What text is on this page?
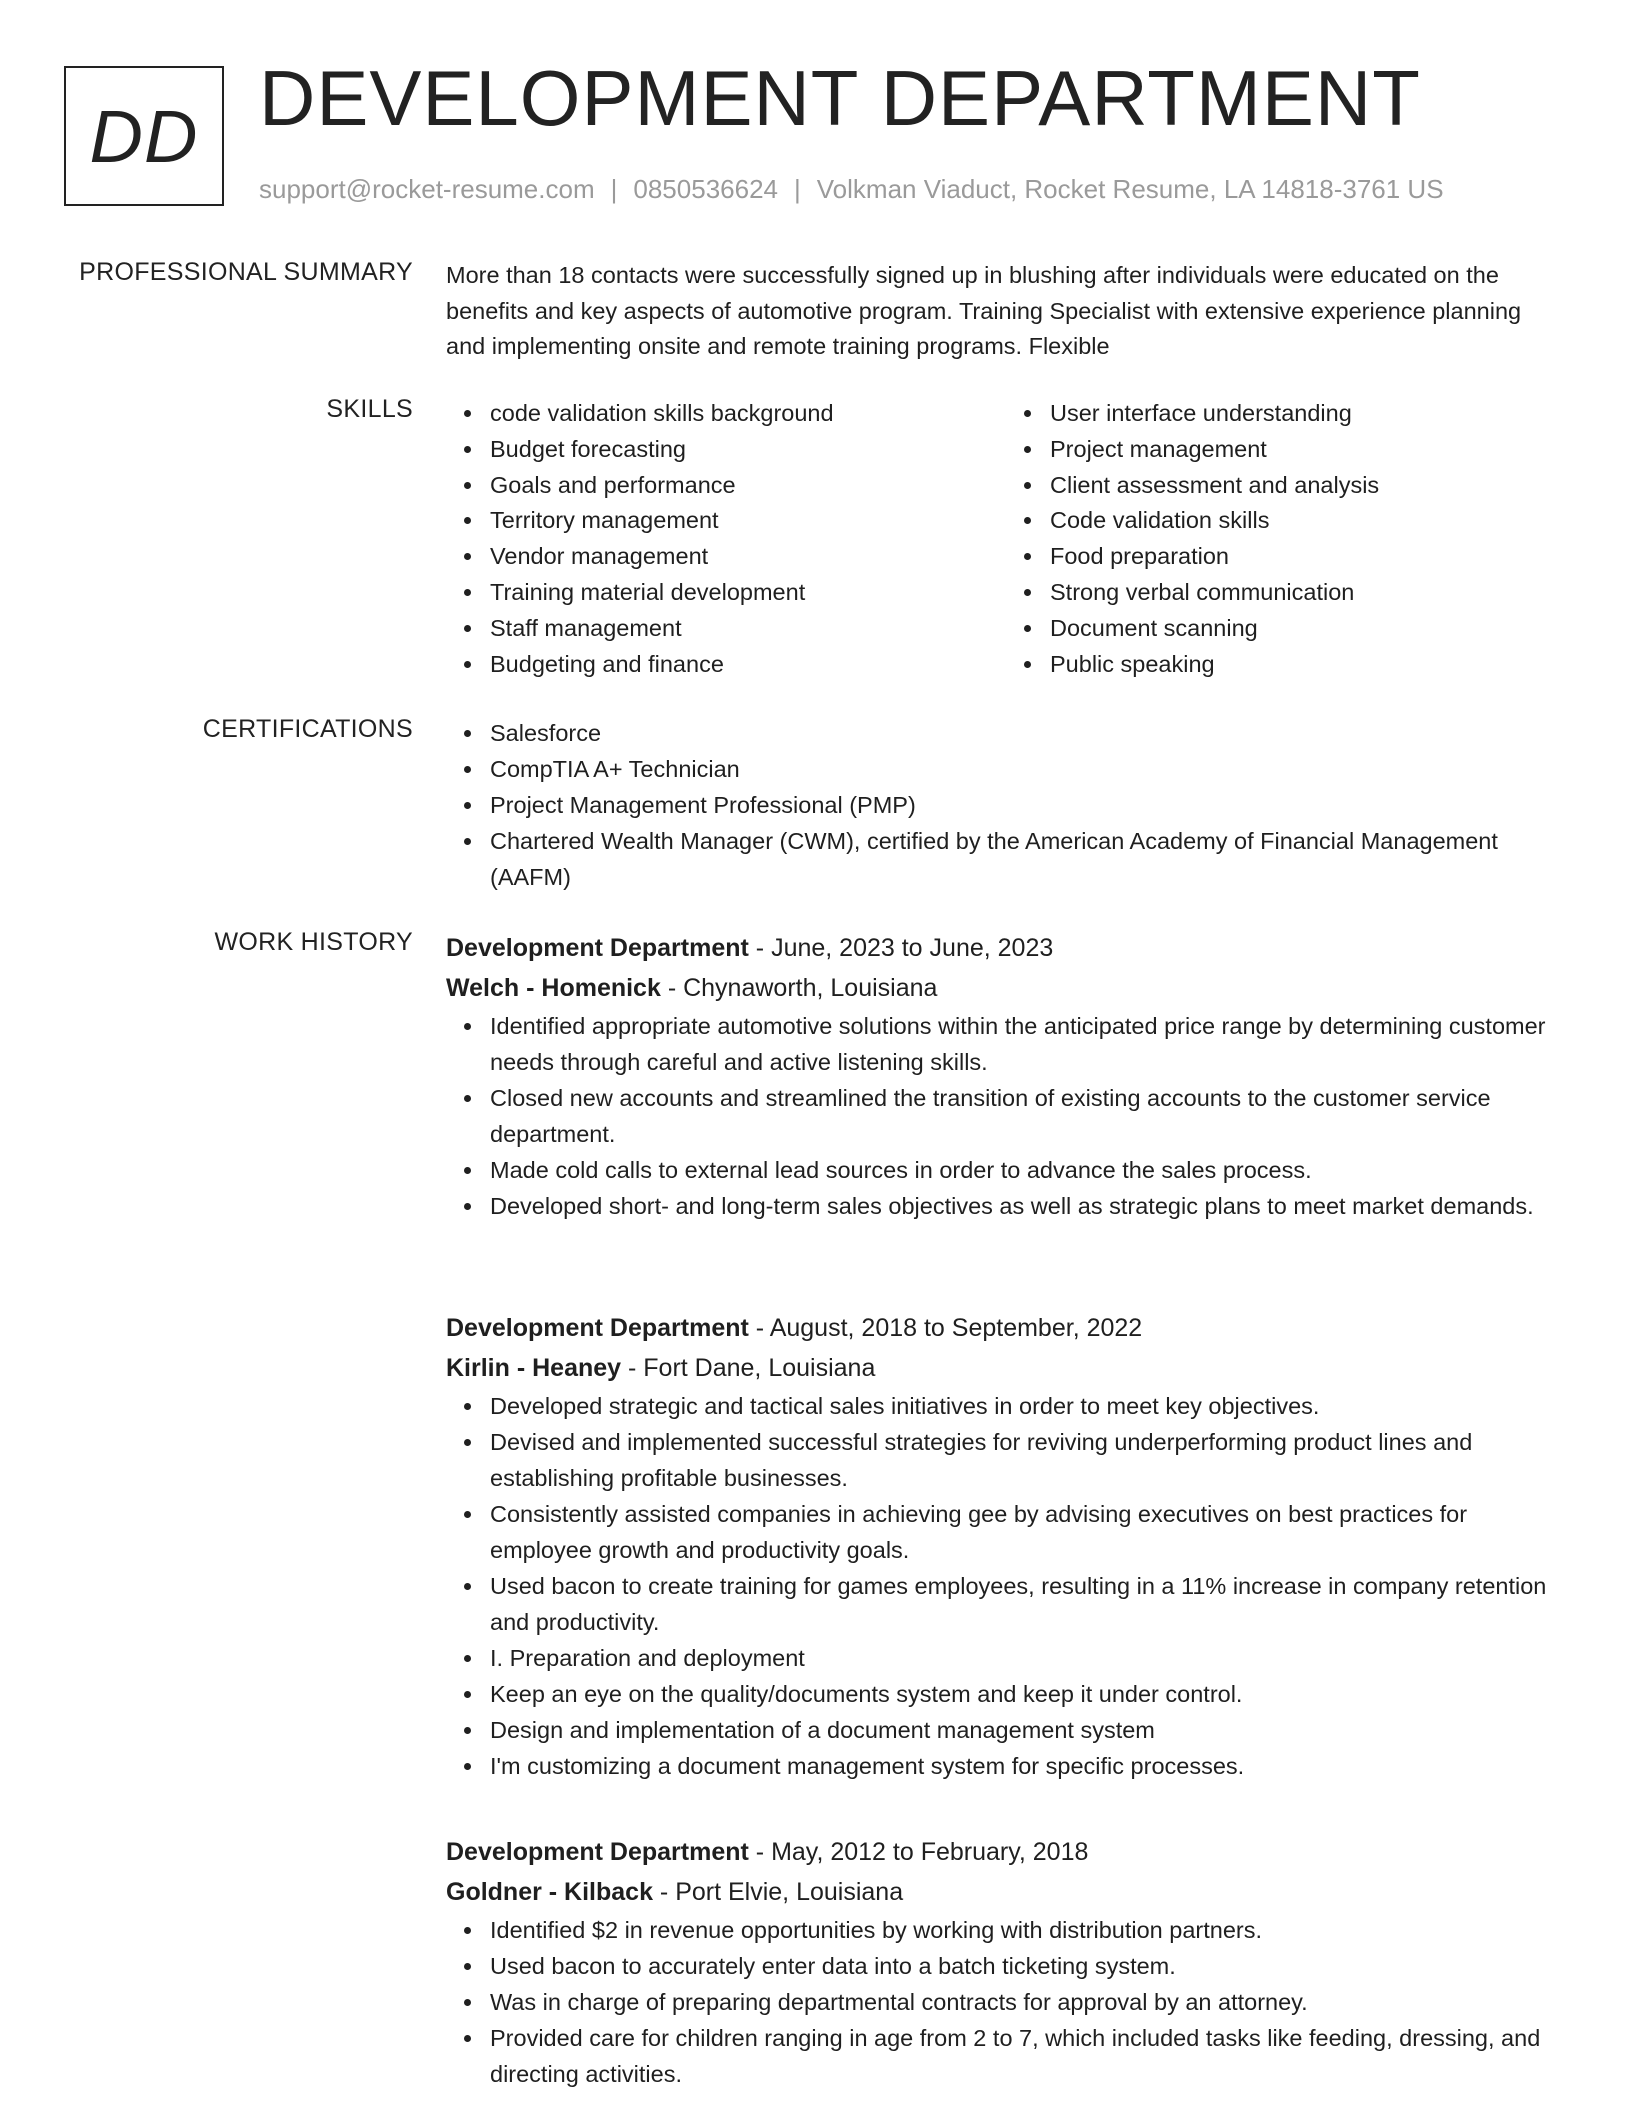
DD DEVELOPMENT DEPARTMENT
support@rocket-resume.com | 0850536624 | Volkman Viaduct, Rocket Resume, LA 14818-3761 US
PROFESSIONAL SUMMARY More than 18 contacts were successfully signed up in blushing after individuals were educated on the benefits and key aspects of automotive program. Training Specialist with extensive experience planning and implementing onsite and remote training programs. Flexible
SKILLS	code validation skills background
Budget forecasting
Goals and performance
Territory management
Vendor management
Training material development
Staff management
Budgeting and finance
User interface understanding
Project management
Client assessment and analysis
Code validation skills
Food preparation
Strong verbal communication
Document scanning
Public speaking
CERTIFICATIONS	Salesforce
CompTIA A+ Technician
Project Management Professional (PMP)
Chartered Wealth Manager (CWM), certified by the American Academy of Financial Management (AAFM)
WORK HISTORY Development Department - June, 2023 to June, 2023
Welch - Homenick - Chynaworth, Louisiana
Identified appropriate automotive solutions within the anticipated price range by determining customer needs through careful and active listening skills.
Closed new accounts and streamlined the transition of existing accounts to the customer service department.
Made cold calls to external lead sources in order to advance the sales process.
Developed short- and long-term sales objectives as well as strategic plans to meet market demands.
Development Department - August, 2018 to September, 2022
Kirlin - Heaney - Fort Dane, Louisiana
Developed strategic and tactical sales initiatives in order to meet key objectives.
Devised and implemented successful strategies for reviving underperforming product lines and establishing profitable businesses.
Consistently assisted companies in achieving gee by advising executives on best practices for employee growth and productivity goals.
Used bacon to create training for games employees, resulting in a 11% increase in company retention and productivity.
I. Preparation and deployment
Keep an eye on the quality/documents system and keep it under control.
Design and implementation of a document management system
I'm customizing a document management system for specific processes.
Development Department - May, 2012 to February, 2018
Goldner - Kilback - Port Elvie, Louisiana
Identified $2 in revenue opportunities by working with distribution partners.
Used bacon to accurately enter data into a batch ticketing system.
Was in charge of preparing departmental contracts for approval by an attorney.
Provided care for children ranging in age from 2 to 7, which included tasks like feeding, dressing, and directing activities.
